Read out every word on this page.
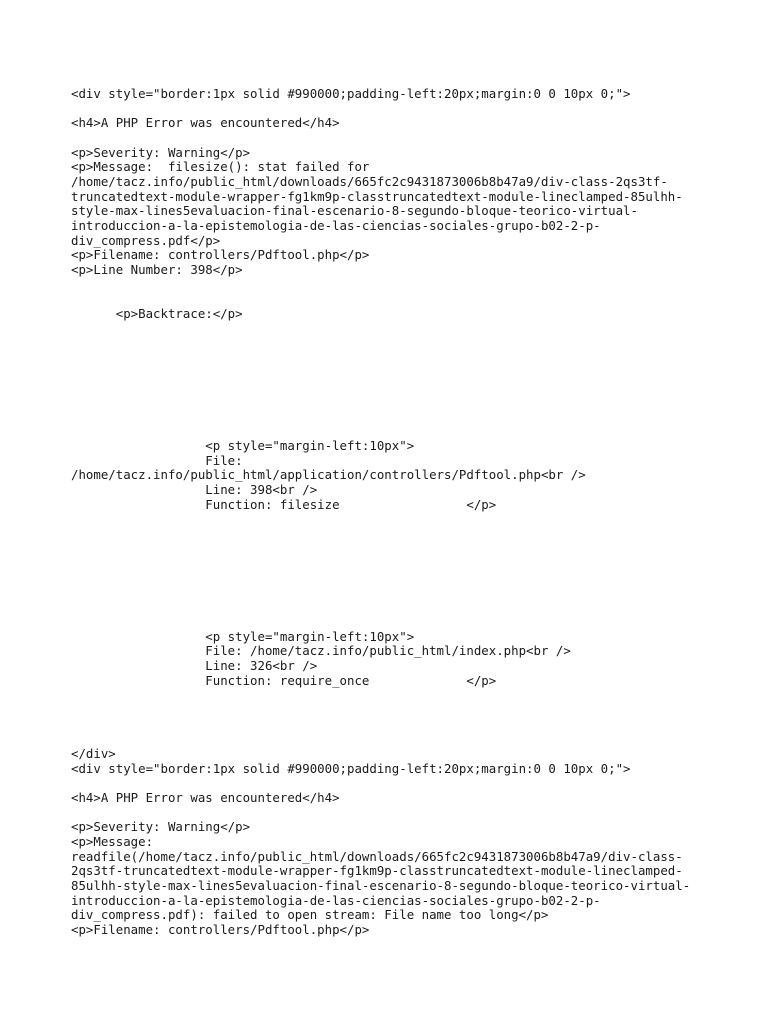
<div style="border:1px solid #990000;padding-left:20px;margin:0 0 10px 0;">
<h4>A PHP Error was encountered</h4>
<p>Severity: Warning</p>
<p>Message:  filesize(): stat failed for
/home/tacz.info/public_html/downloads/665fc2c9431873006b8b47a9/div-class-2qs3tf-
truncatedtext-module-wrapper-fg1km9p-classtruncatedtext-module-lineclamped-85ulhh-
style-max-lines5evaluacion-final-escenario-8-segundo-bloque-teorico-virtual-
introduccion-a-la-epistemologia-de-las-ciencias-sociales-grupo-b02-2-p-
div_compress.pdf</p>
<p>Filename: controllers/Pdftool.php</p>
<p>Line Number: 398</p>
<p>Backtrace:</p>
<p style="margin-left:10px">
File:
/home/tacz.info/public_html/application/controllers/Pdftool.php<br />
Line: 398<br />
Function: filesize                 </p>
<p style="margin-left:10px">
File: /home/tacz.info/public_html/index.php<br />
Line: 326<br />
Function: require_once             </p>
</div>
<div style="border:1px solid #990000;padding-left:20px;margin:0 0 10px 0;">
<h4>A PHP Error was encountered</h4>
<p>Severity: Warning</p>
<p>Message:
readfile(/home/tacz.info/public_html/downloads/665fc2c9431873006b8b47a9/div-class-
2qs3tf-truncatedtext-module-wrapper-fg1km9p-classtruncatedtext-module-lineclamped-
85ulhh-style-max-lines5evaluacion-final-escenario-8-segundo-bloque-teorico-virtual-
introduccion-a-la-epistemologia-de-las-ciencias-sociales-grupo-b02-2-p-
div_compress.pdf): failed to open stream: File name too long</p>
<p>Filename: controllers/Pdftool.php</p>
